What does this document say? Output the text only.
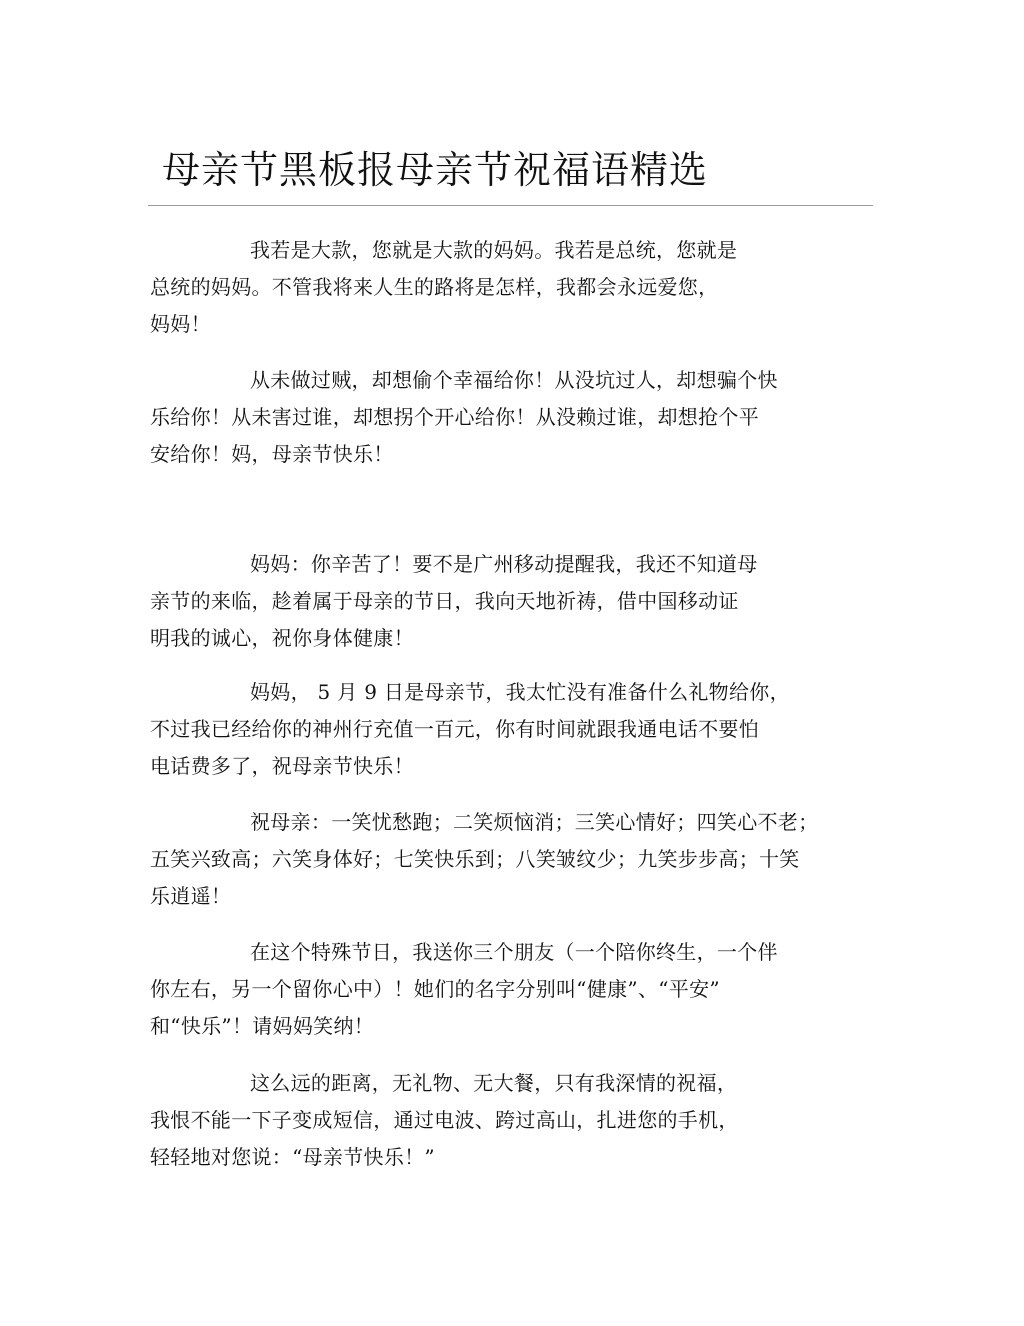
母亲节黑板报母亲节祝福语精选
我若是大款，您就是大款的妈妈。我若是总统，您就是
总统的妈妈。不管我将来人生的路将是怎样，我都会永远爱您，
妈妈！
从未做过贼，却想偷个幸福给你！从没坑过人，却想骗个快
乐给你！从未害过谁，却想拐个开心给你！从没赖过谁，却想抢个平
安给你！妈，母亲节快乐！
妈妈：你辛苦了！要不是广州移动提醒我，我还不知道母
亲节的来临，趁着属于母亲的节日，我向天地祈祷，借中国移动证
明我的诚心，祝你身体健康！
妈妈， 5 月 9 日是母亲节，我太忙没有准备什么礼物给你，
不过我已经给你的神州行充值一百元，你有时间就跟我通电话不要怕
电话费多了，祝母亲节快乐！
祝母亲：一笑忧愁跑；二笑烦恼消；三笑心情好；四笑心不老；
五笑兴致高；六笑身体好；七笑快乐到；八笑皱纹少；九笑步步高；十笑
乐逍遥！
在这个特殊节日，我送你三个朋友（一个陪你终生，一个伴
你左右，另一个留你心中）！她们的名字分别叫“健康”、“平安”
和“快乐”！请妈妈笑纳！
这么远的距离，无礼物、无大餐，只有我深情的祝福，
我恨不能一下子变成短信，通过电波、跨过高山，扎进您的手机，
轻轻地对您说：“母亲节快乐！”
